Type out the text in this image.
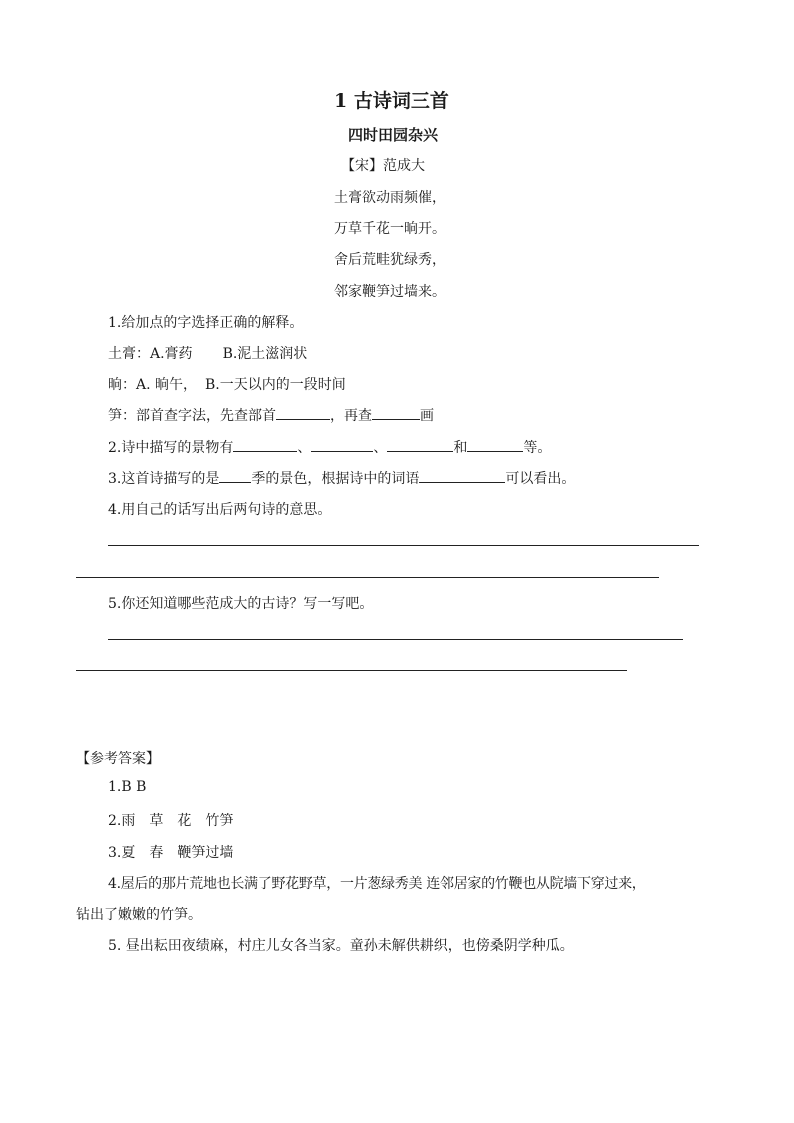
1 古诗词三首
四时田园杂兴
【宋】范成大
土膏欲动雨频催，
万草千花一晌开。
舍后荒畦犹绿秀，
邻家鞭笋过墙来。
1.给加点的字选择正确的解释。
土膏：A.膏药 B.泥土滋润状
晌：A. 晌午， B.一天以内的一段时间
笋：部首查字法，先查部首	，再查	画
2.诗中描写的景物有	、	、	和	等。
3.这首诗描写的是 季的景色，根据诗中的词语	可以看出。
4.用自己的话写出后两句诗的意思。
5.你还知道哪些范成大的古诗？写一写吧。
【参考答案】
1.B B
2.雨　草　花　竹笋
3.夏　春　鞭笋过墙
4.屋后的那片荒地也长满了野花野草，一片葱绿秀美 连邻居家的竹鞭也从院墙下穿过来，
钻出了嫩嫩的竹笋。
5. 昼出耘田夜绩麻，村庄儿女各当家。童孙未解供耕织，也傍桑阴学种瓜。
